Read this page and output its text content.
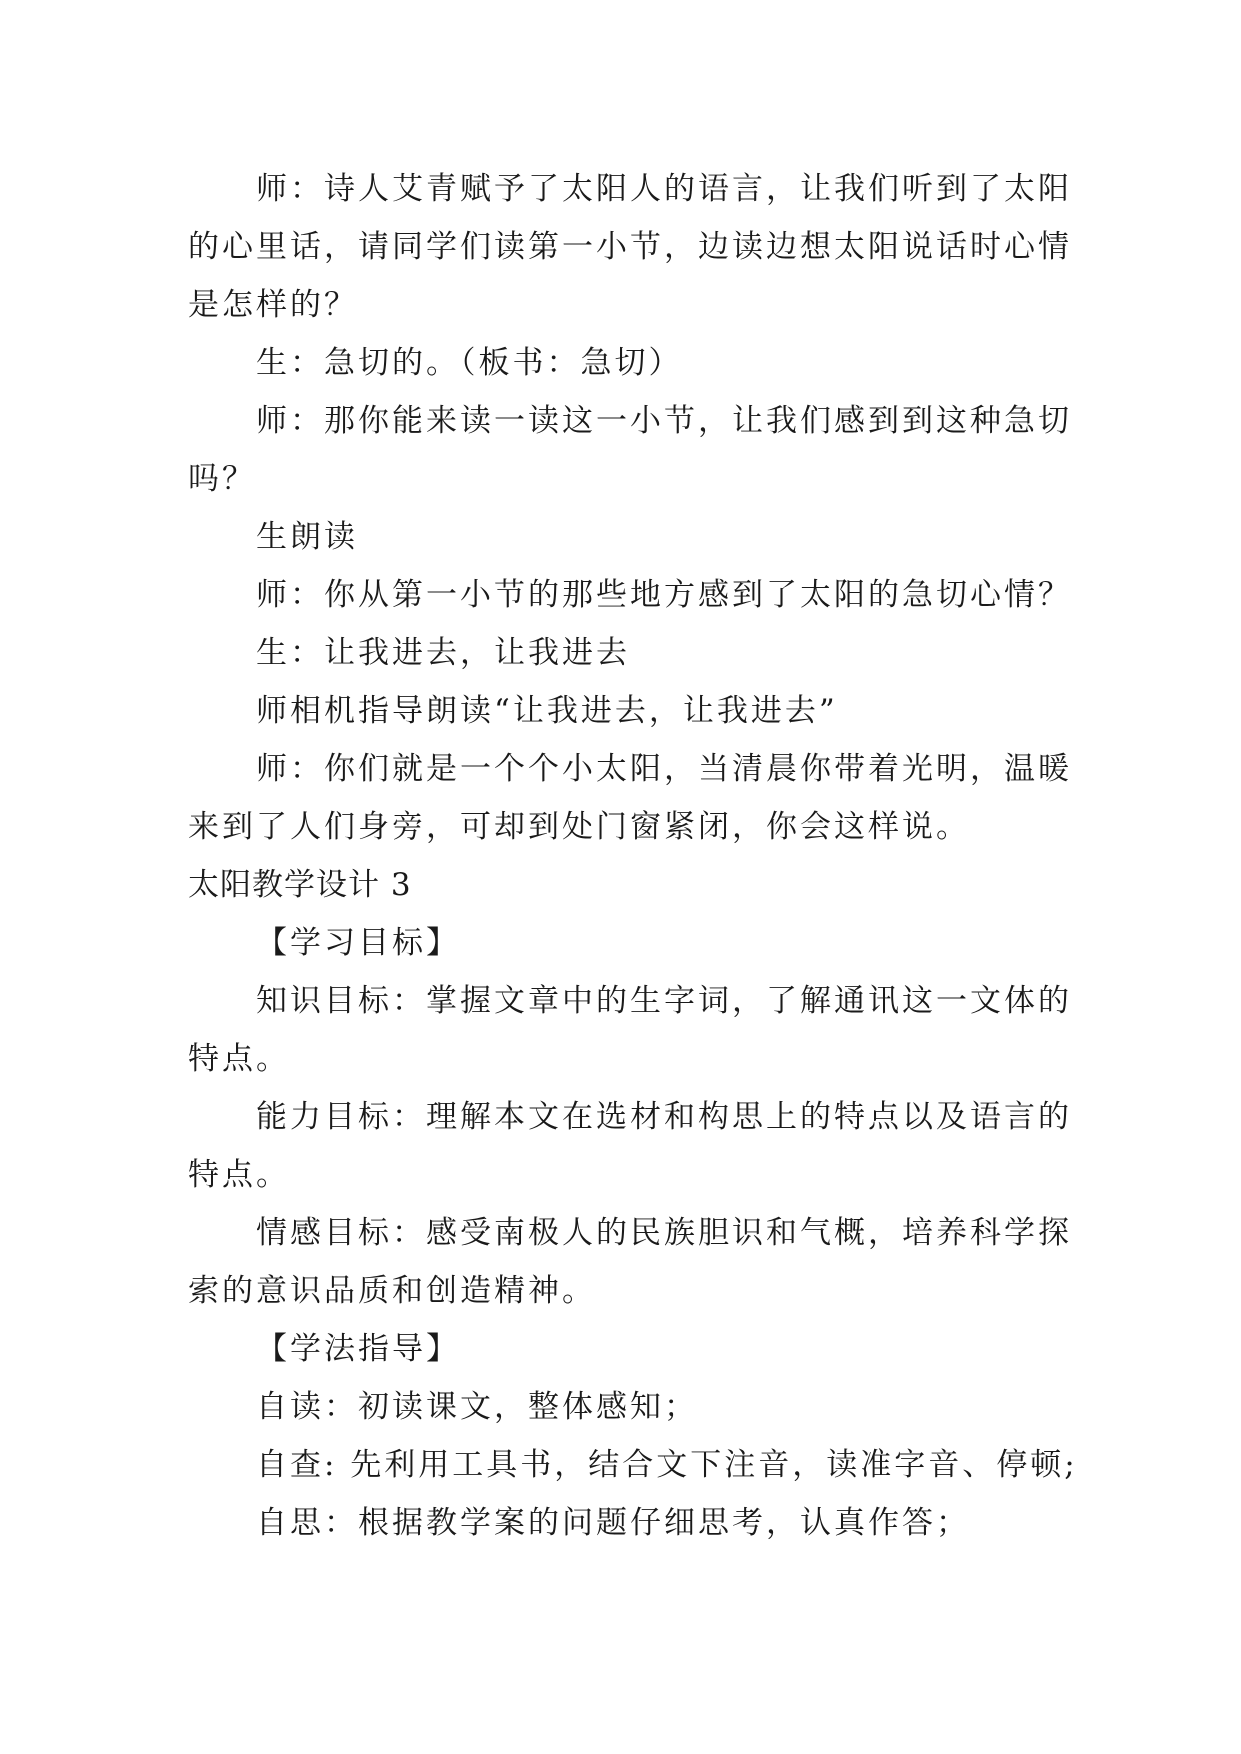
师：诗人艾青赋予了太阳人的语言，让我们听到了太阳
的心里话，请同学们读第一小节，边读边想太阳说话时心情
是怎样的？
生：急切的。（板书：急切）
师：那你能来读一读这一小节，让我们感到到这种急切
吗？
生朗读
师：你从第一小节的那些地方感到了太阳的急切心情？
生：让我进去，让我进去
师相机指导朗读“让我进去，让我进去”
师：你们就是一个个小太阳，当清晨你带着光明，温暖
来到了人们身旁，可却到处门窗紧闭，你会这样说。
太阳教学设计 3
【学习目标】
知识目标：掌握文章中的生字词，了解通讯这一文体的
特点。
能力目标：理解本文在选材和构思上的特点以及语言的
特点。
情感目标：感受南极人的民族胆识和气概，培养科学探
索的意识品质和创造精神。
【学法指导】
自读：初读课文，整体感知；
自查: 先利用工具书，结合文下注音，读准字音、停顿;
自思：根据教学案的问题仔细思考，认真作答；
